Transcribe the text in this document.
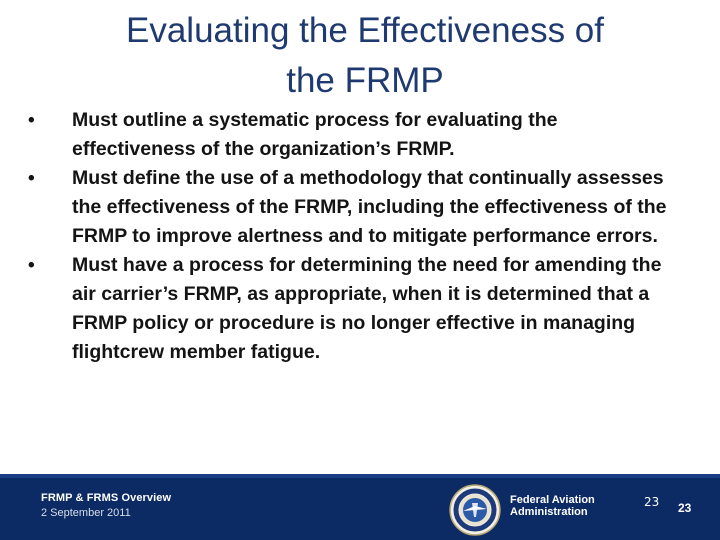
Evaluating the Effectiveness of
the FRMP
•	Must outline a systematic process for evaluating the effectiveness of the organization’s FRMP.
•	Must define the use of a methodology that continually assesses the effectiveness of the FRMP, including the effectiveness of the FRMP to improve alertness and to mitigate performance errors.
•	Must have a process for determining the need for amending the air carrier’s FRMP, as appropriate, when it is determined that a FRMP policy or procedure is no longer effective in managing flightcrew member fatigue.
FRMP & FRMS Overview
2 September 2011
Federal Aviation
Administration
23 23
